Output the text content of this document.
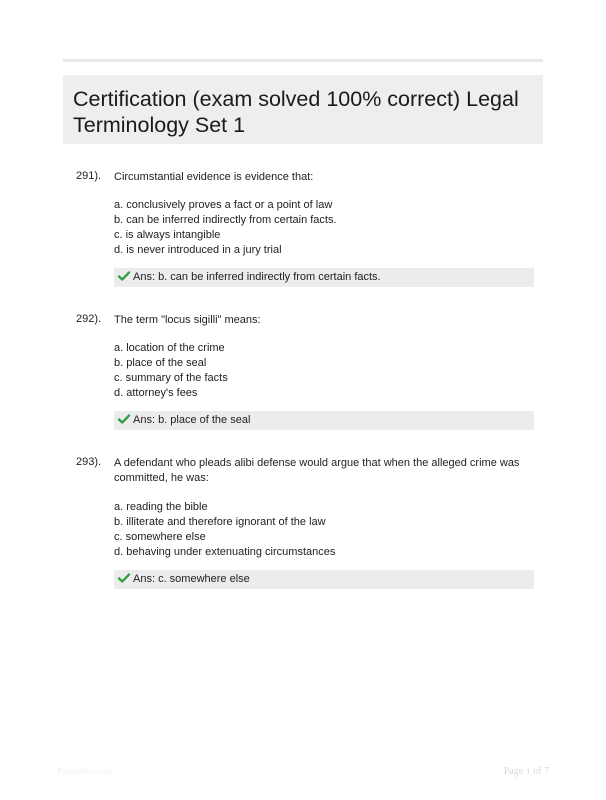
Certification (exam solved 100% correct) Legal Terminology Set 1
291). Circumstantial evidence is evidence that:
a. conclusively proves a fact or a point of law
b. can be inferred indirectly from certain facts.
c. is always intangible
d. is never introduced in a jury trial
Ans: b. can be inferred indirectly from certain facts.
292). The term "locus sigilli" means:
a. location of the crime
b. place of the seal
c. summary of the facts
d. attorney's fees
Ans: b. place of the seal
293). A defendant who pleads alibi defense would argue that when the alleged crime was committed, he was:
a. reading the bible
b. illiterate and therefore ignorant of the law
c. somewhere else
d. behaving under extenuating circumstances
Ans: c. somewhere else
Paperstitic.com	Page 1 of 7
